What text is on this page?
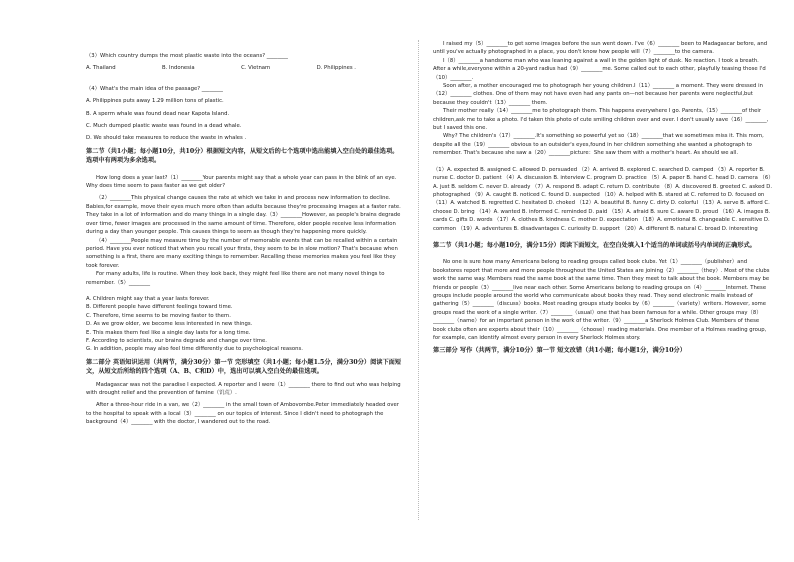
（3）Which country dumps the most plastic waste into the oceans? ________

A. Thailand	B. Indonesia	C. Vietnam	D. Philippines .

（4）What's the main idea of the passage? ________

A. Philippines puts away 1.29 million tons of plastic.

B. A sperm whale was found dead near Kapota Island.

C. Much dumped plastic waste was found in a dead whale.

D. We should take measures to reduce the waste in whales .

第二节（共1小题；每小题10分，共10分）根据短文内容，从短文后的七个选项中选出能填入空白处的最佳选项。选项中有两项为多余选项。

How long does a year last?（1）________Your parents might say that a whole year can pass in the blink of an eye. Why does time seem to pass faster as we get older?

（2）________This physical change causes the rate at which we take in and process new information to decline. Babies,for example, move their eyes much more often than adults because they're processing images at a faster rate. They take in a lot of information and do many things in a single day.（3）________However, as people's brains degrade over time, fewer images are processed in the same amount of time. Therefore, older people receive less information during a day than younger people. This causes things to seem as though they're happening more quickly.

（4）________People may measure time by the number of memorable events that can be recalled within a certain period. Have you ever noticed that when you recall your firsts, they seem to be in slow motion? That's because when something is a first, there are many exciting things to remember. Recalling these memories makes you feel like they took forever.

For many adults, life is routine. When they look back, they might feel like there are not many novel things to remember.（5）________

A. Children might say that a year lasts forever.

B. Different people have different feelings toward time.

C. Therefore, time seems to be moving faster to them.

D. As we grow older, we become less interested in new things.

E. This makes them feel like a single day lasts for a long time.

F. According to scientists, our brains degrade and change over time.

G. In addition, people may also feel time differently due to psychological reasons.

第二部分 英语知识运用（共两节，满分30分）第一节 完形填空（共1小题；每小题1.5分，满分30分）阅读下面短文，从短文后所给的四个选项（A、B、C和D）中，选出可以填入空白处的最佳选项。

Madagascar was not the paradise I expected. A reporter and I were（1）________ there to find out who was helping with drought relief and the prevention of famine（饥荒）.

After a three-hour ride in a van, we（2）________ in the small town of Ambovombe.Peter immediately headed over to the hospital to speak with a local（3）________ on our topics of interest. Since I didn't need to photograph the background（4）________ with the doctor, I wandered out to the road.

I raised my（5）________to get some images before the sun went down. I've（6）________ been to Madagascar before, and until you've actually photographed in a place, you don't know how people will（7）________to the camera.

I（8）________a handsome man who was leaning against a wall in the golden light of dusk. No reaction. I took a breath. After a while,everyone within a 20-yard radius had（9）________me. Some called out to each other, playfully teasing those I'd（10）________.

Soon after, a mother encouraged me to photograph her young children.I（11）________ a moment. They were dressed in（12）________ clothes. One of them may not have even had any pants on—not because her parents were neglectful,but because they couldn't（13）________ them.

Their mother really（14）________me to photograph them. This happens everywhere I go. Parents,（15）________of their children,ask me to take a photo. I'd taken this photo of cute smiling children over and over. I don't usually save（16）________, but I saved this one.

Why? The children's（17）________.It's something so powerful yet so（18）________that we sometimes miss it. This mom, despite all the（19）________ obvious to an outsider's eyes,found in her children something she wanted a photograph to remember. That's because she saw a（20）________picture：She saw them with a mother's heart. As should we all.

（1）A. expected B. assigned C. allowed D. persuaded （2）A. arrived B. explored C. searched D. camped （3）A. reporter B. nurse C. doctor D. patient （4）A. discussion B. interview C. program D. practice （5）A. paper B. hand C. head D. camera （6）A. just B. seldom C. never D. already （7）A. respond B. adapt C. return D. contribute （8）A. discovered B. greeted C. asked D. photographed （9）A. caught B. noticed C. found D. suspected （10）A. helped with B. stared at C. referred to D. focused on （11）A. watched B. regretted C. hesitated D. choked （12）A. beautiful B. funny C. dirty D. colorful （13）A. serve B. afford C. choose D. bring （14）A. wanted B. informed C. reminded D. paid （15）A. afraid B. sure C. aware D. proud （16）A. images B. cards C. gifts D. words （17）A. clothes B. kindness C. mother D. expectation （18）A. emotional B. changeable C. sensitive D. common （19）A. adventures B. disadvantages C. curiosity D. support （20）A. different B. natural C. broad D. interesting

第二节（共1小题；每小题10分，满分15分）阅读下面短文，在空白处填入1个适当的单词或括号内单词的正确形式。

No one is sure how many Americans belong to reading groups called book clubs. Yet（1）________（publisher）and bookstores report that more and more people throughout the United States are joining（2）________（they）. Most of the clubs work the same way. Members read the same book at the same time. Then they meet to talk about the book. Members may be friends or people（3）________live near each other. Some Americans belong to reading groups on（4）________Internet. These groups include people around the world who communicate about books they read. They send electronic mails instead of gathering（5）________（discuss）books. Most reading groups study books by（6）________（variety）writers. However, some groups read the work of a single writer.（7）________（usual）one that has been famous for a while. Other groups may（8）________（name）for an important person in the work of the writer.（9）________a Sherlock Holmes Club. Members of these book clubs often are experts about their（10）________（choose）reading materials. One member of a Holmes reading group, for example, can identify almost every person in every Sherlock Holmes story.

第三部分 写作（共两节，满分10分）第一节 短文改错（共1小题；每小题1分，满分10分）
